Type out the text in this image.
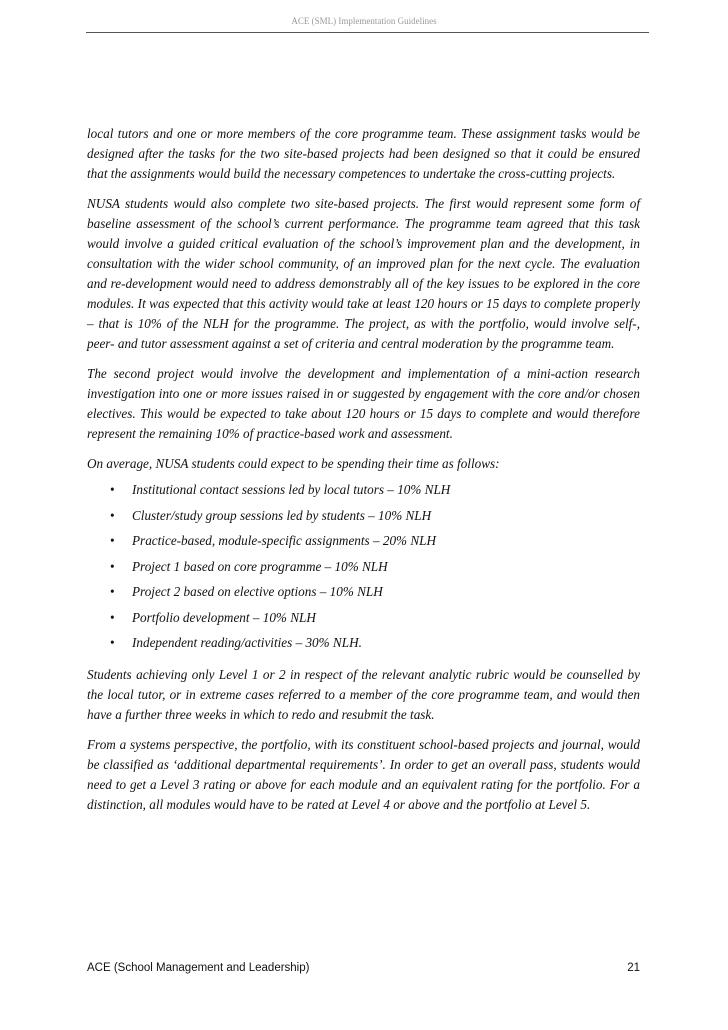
ACE (SML) Implementation Guidelines

local tutors and one or more members of the core programme team. These assignment tasks would be designed after the tasks for the two site-based projects had been designed so that it could be ensured that the assignments would build the necessary competences to undertake the cross-cutting projects.

NUSA students would also complete two site-based projects. The first would represent some form of baseline assessment of the school’s current performance. The programme team agreed that this task would involve a guided critical evaluation of the school’s improvement plan and the development, in consultation with the wider school community, of an improved plan for the next cycle. The evaluation and re-development would need to address demonstrably all of the key issues to be explored in the core modules. It was expected that this activity would take at least 120 hours or 15 days to complete properly – that is 10% of the NLH for the programme. The project, as with the portfolio, would involve self-, peer- and tutor assessment against a set of criteria and central moderation by the programme team.

The second project would involve the development and implementation of a mini-action research investigation into one or more issues raised in or suggested by engagement with the core and/or chosen electives. This would be expected to take about 120 hours or 15 days to complete and would therefore represent the remaining 10% of practice-based work and assessment.

On average, NUSA students could expect to be spending their time as follows:

• Institutional contact sessions led by local tutors – 10% NLH
• Cluster/study group sessions led by students – 10% NLH
• Practice-based, module-specific assignments – 20% NLH
• Project 1 based on core programme – 10% NLH
• Project 2 based on elective options – 10% NLH
• Portfolio development – 10% NLH
• Independent reading/activities – 30% NLH.

Students achieving only Level 1 or 2 in respect of the relevant analytic rubric would be counselled by the local tutor, or in extreme cases referred to a member of the core programme team, and would then have a further three weeks in which to redo and resubmit the task.

From a systems perspective, the portfolio, with its constituent school-based projects and journal, would be classified as ‘additional departmental requirements’. In order to get an overall pass, students would need to get a Level 3 rating or above for each module and an equivalent rating for the portfolio. For a distinction, all modules would have to be rated at Level 4 or above and the portfolio at Level 5.

ACE (School Management and Leadership)	21
